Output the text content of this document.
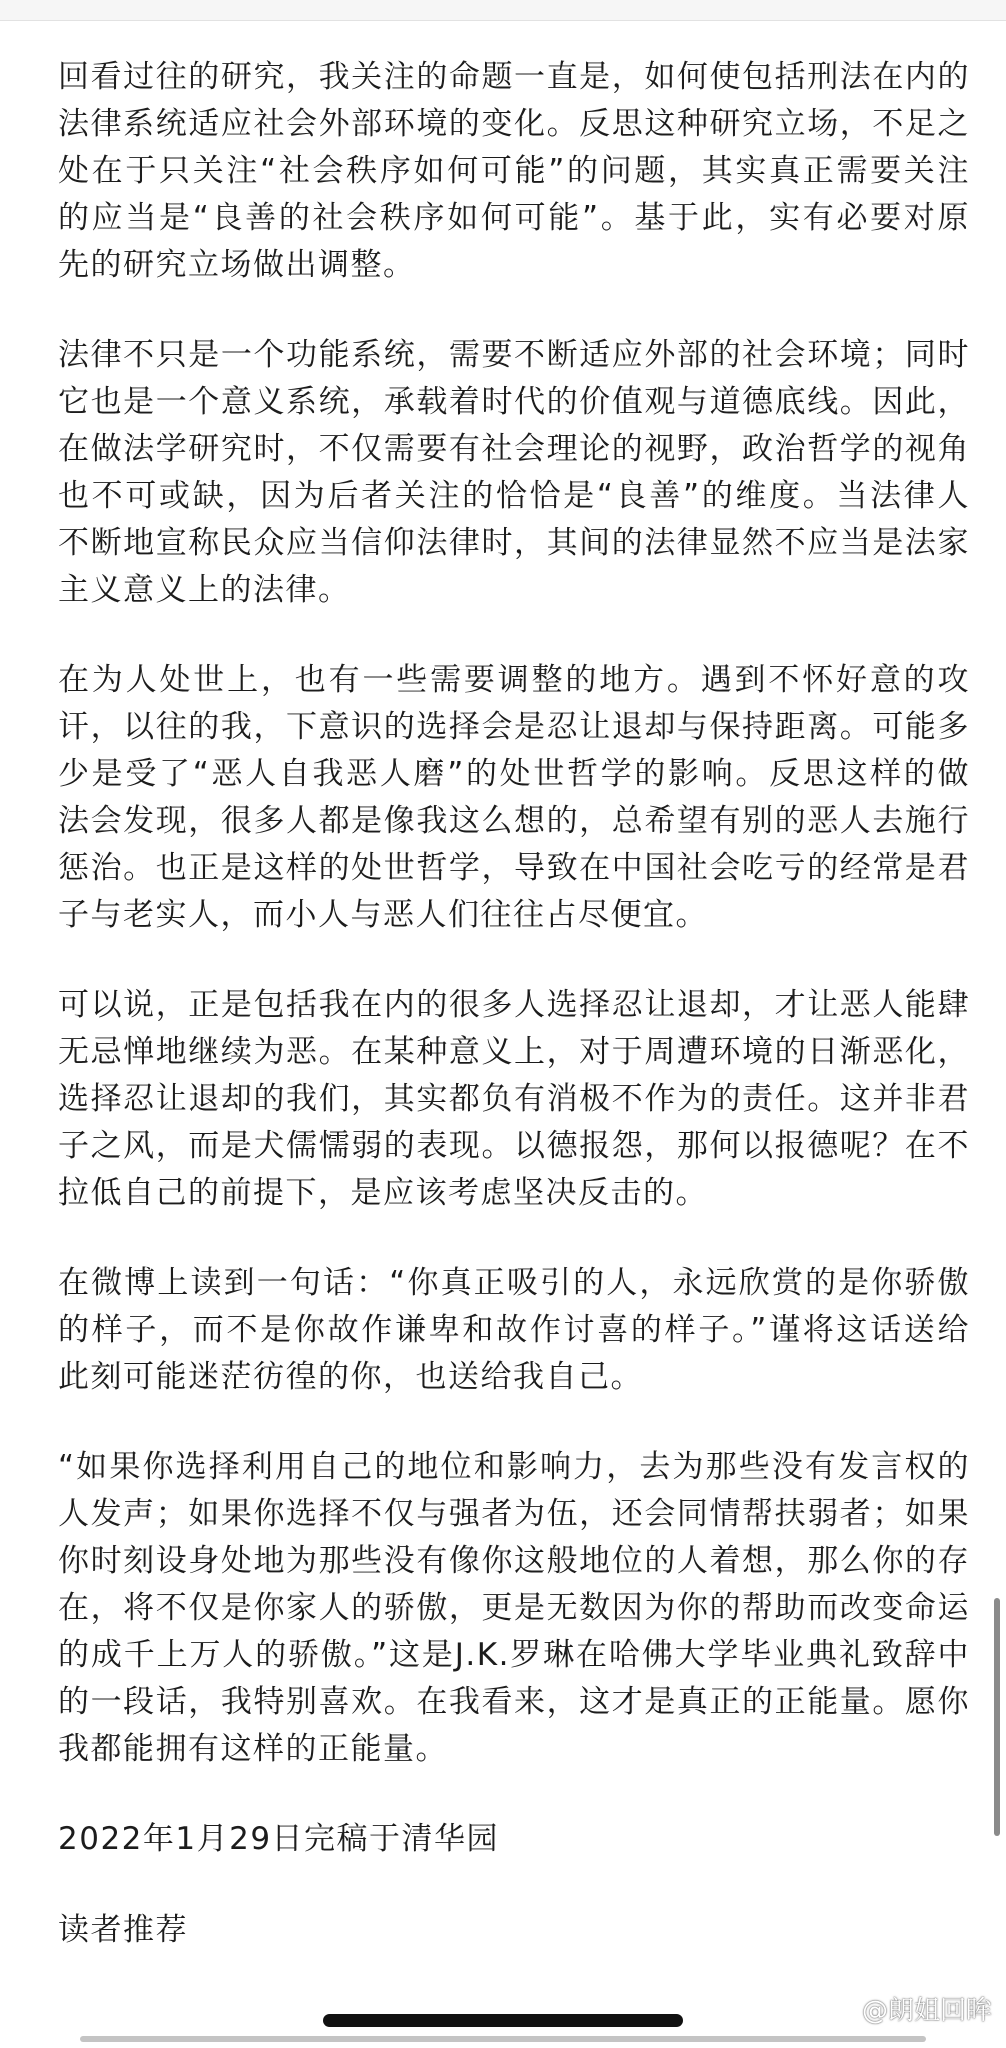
回看过往的研究，我关注的命题一直是，如何使包括刑法在内的法律系统适应社会外部环境的变化。反思这种研究立场，不足之处在于只关注“社会秩序如何可能”的问题，其实真正需要关注的应当是“良善的社会秩序如何可能”。基于此，实有必要对原先的研究立场做出调整。

法律不只是一个功能系统，需要不断适应外部的社会环境；同时它也是一个意义系统，承载着时代的价值观与道德底线。因此，在做法学研究时，不仅需要有社会理论的视野，政治哲学的视角也不可或缺，因为后者关注的恰恰是“良善”的维度。当法律人不断地宣称民众应当信仰法律时，其间的法律显然不应当是法家主义意义上的法律。

在为人处世上，也有一些需要调整的地方。遇到不怀好意的攻讦，以往的我，下意识的选择会是忍让退却与保持距离。可能多少是受了“恶人自我恶人磨”的处世哲学的影响。反思这样的做法会发现，很多人都是像我这么想的，总希望有别的恶人去施行惩治。也正是这样的处世哲学，导致在中国社会吃亏的经常是君子与老实人，而小人与恶人们往往占尽便宜。

可以说，正是包括我在内的很多人选择忍让退却，才让恶人能肆无忌惮地继续为恶。在某种意义上，对于周遭环境的日渐恶化，选择忍让退却的我们，其实都负有消极不作为的责任。这并非君子之风，而是犬儒懦弱的表现。以德报怨，那何以报德呢？在不拉低自己的前提下，是应该考虑坚决反击的。

在微博上读到一句话：“你真正吸引的人，永远欣赏的是你骄傲的样子，而不是你故作谦卑和故作讨喜的样子。”谨将这话送给此刻可能迷茫彷徨的你，也送给我自己。

“如果你选择利用自己的地位和影响力，去为那些没有发言权的人发声；如果你选择不仅与强者为伍，还会同情帮扶弱者；如果你时刻设身处地为那些没有像你这般地位的人着想，那么你的存在，将不仅是你家人的骄傲，更是无数因为你的帮助而改变命运的成千上万人的骄傲。”这是J.K.罗琳在哈佛大学毕业典礼致辞中的一段话，我特别喜欢。在我看来，这才是真正的正能量。愿你我都能拥有这样的正能量。

2022年1月29日完稿于清华园

读者推荐

@朗姐回眸
